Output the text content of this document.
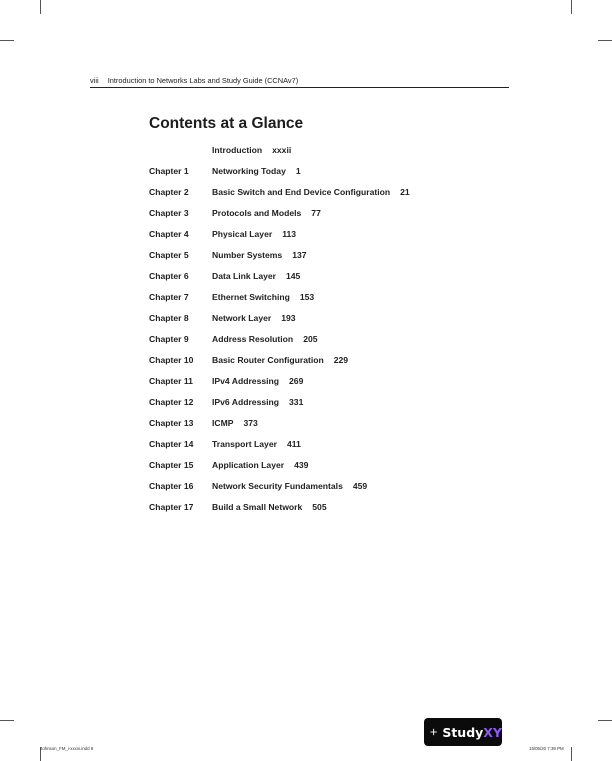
viii Introduction to Networks Labs and Study Guide (CCNAv7)
Contents at a Glance
Introduction xxxii
Chapter 1	Networking Today 1
Chapter 2	Basic Switch and End Device Configuration 21
Chapter 3	Protocols and Models 77
Chapter 4	Physical Layer 113
Chapter 5	Number Systems 137
Chapter 6	Data Link Layer 145
Chapter 7	Ethernet Switching 153
Chapter 8	Network Layer 193
Chapter 9	Address Resolution 205
Chapter 10 Basic Router Configuration 229
Chapter 11 IPv4 Addressing 269
Chapter 12 IPv6 Addressing 331
Chapter 13 ICMP 373
Chapter 14 Transport Layer 411
Chapter 15 Application Layer 439
Chapter 16 Network Security Fundamentals 459
Chapter 17 Build a Small Network 505
Johnson_FM_i-xxxvi.indd 8	15/05/20 7:39 PM
Study XY
